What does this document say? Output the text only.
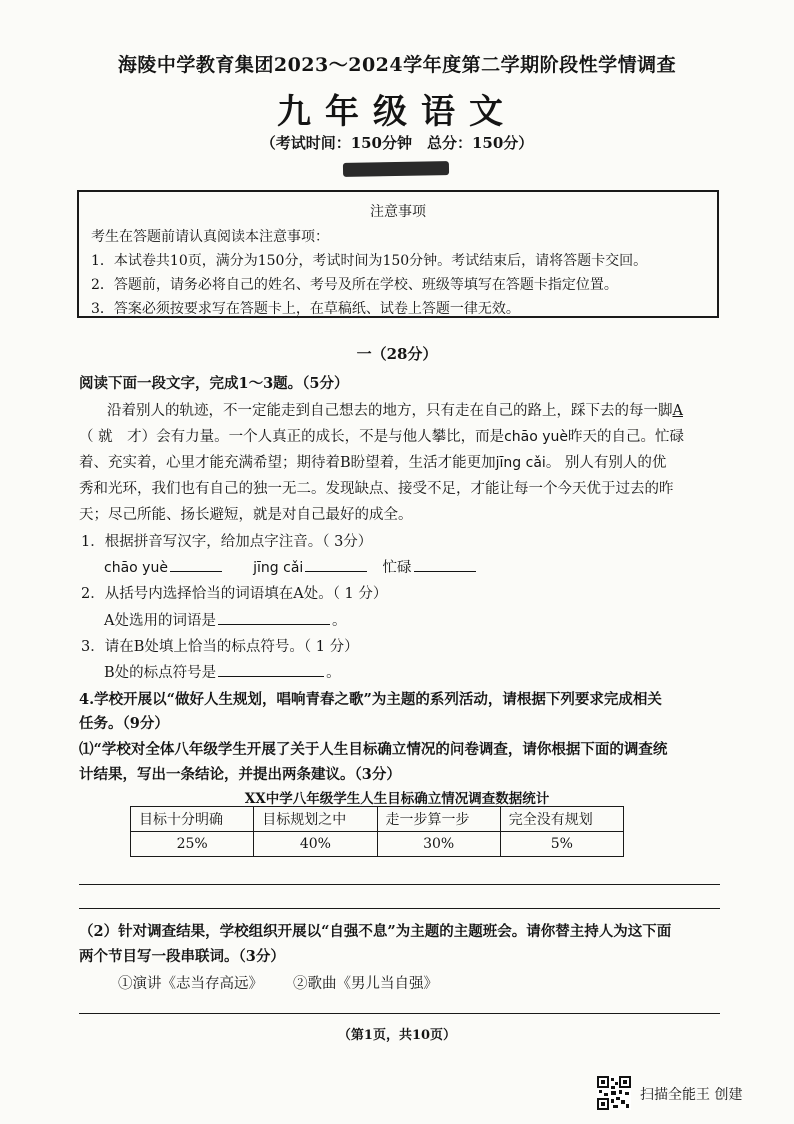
海陵中学教育集团2023～2024学年度第二学期阶段性学情调查
九年级语文
（考试时间：150分钟　总分：150分）
注意事项
考生在答题前请认真阅读本注意事项：
1．本试卷共10页，满分为150分，考试时间为150分钟。考试结束后，请将答题卡交回。
2．答题前，请务必将自己的姓名、考号及所在学校、班级等填写在答题卡指定位置。
3．答案必须按要求写在答题卡上，在草稿纸、试卷上答题一律无效。
一（28分）
阅读下面一段文字，完成1～3题。（5分）
沿着别人的轨迹，不一定能走到自己想去的地方，只有走在自己的路上，踩下去的每一脚A
（ 就　才）会有力量。一个人真正的成长，不是与他人攀比，而是chāo yuè昨天的自己。忙碌
着、充实着，心里才能充满希望；期待着B盼望着，生活才能更加jīng cǎi。 别人有别人的优
秀和光环，我们也有自己的独一无二。发现缺点、接受不足，才能让每一个今天优于过去的昨
天；尽己所能、扬长避短，就是对自己最好的成全。
1．根据拼音写汉字，给加点字注音。（ 3分）
chāo yuè	jīng cǎi	忙碌
2．从括号内选择恰当的词语填在A处。（ 1 分）
A处选用的词语是	。
3．请在B处填上恰当的标点符号。（ 1 分）
B处的标点符号是	。
4.学校开展以“做好人生规划，唱响青春之歌”为主题的系列活动，请根据下列要求完成相关
任务。（9分）
⑴“学校对全体八年级学生开展了关于人生目标确立情况的问卷调查，请你根据下面的调查统
计结果，写出一条结论，并提出两条建议。（3分）
XX中学八年级学生人生目标确立情况调查数据统计
目标十分明确	目标规划之中	走一步算一步	完全没有规划
25%	40%	30%	5%
（2）针对调查结果，学校组织开展以“自强不息”为主题的主题班会。请你替主持人为这下面
两个节目写一段串联词。（3分）
①演讲《志当存高远》 ②歌曲《男儿当自强》
（第1页，共10页）
扫描全能王 创建
